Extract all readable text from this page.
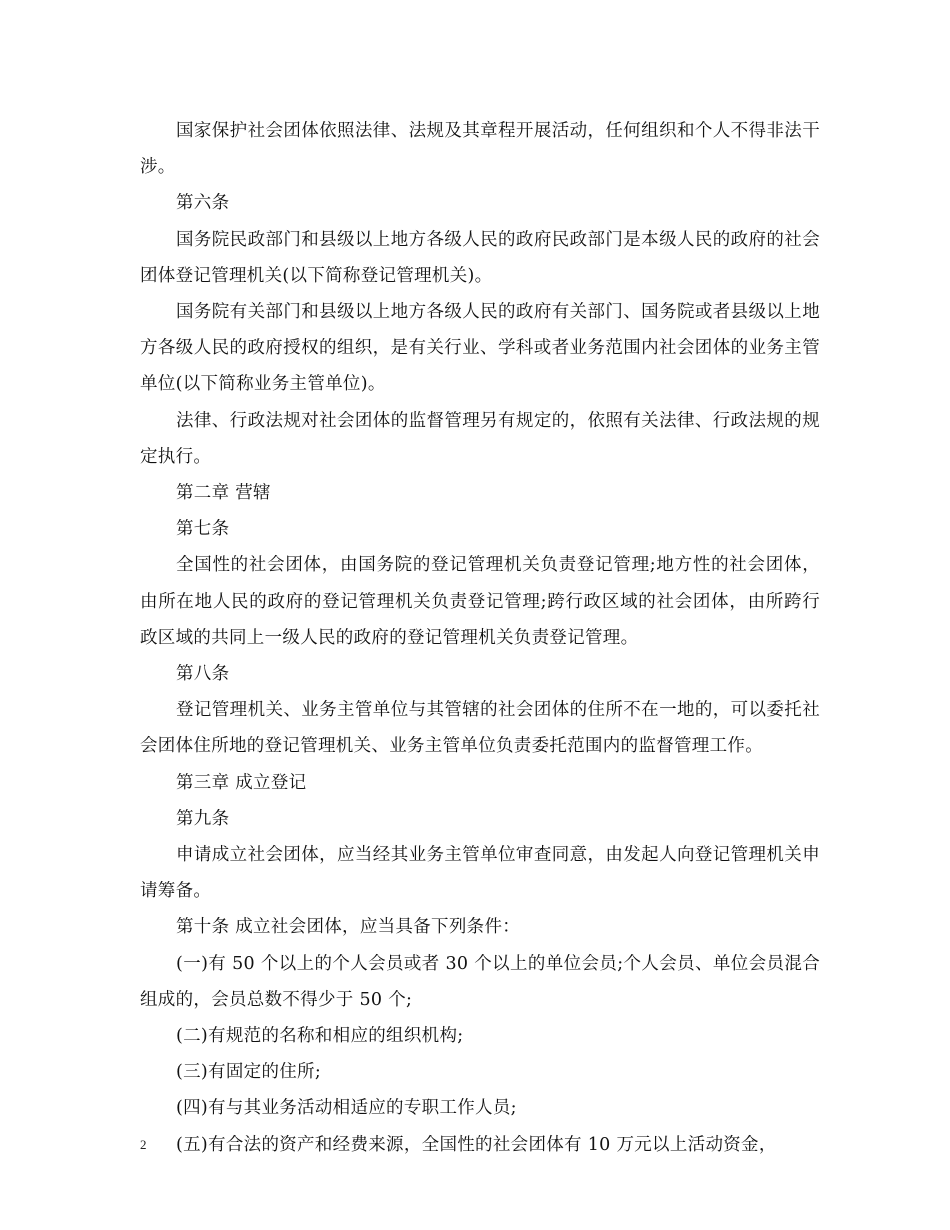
国家保护社会团体依照法律、法规及其章程开展活动，任何组织和个人不得非法干涉。

第六条

国务院民政部门和县级以上地方各级人民的政府民政部门是本级人民的政府的社会团体登记管理机关(以下简称登记管理机关)。

国务院有关部门和县级以上地方各级人民的政府有关部门、国务院或者县级以上地方各级人民的政府授权的组织，是有关行业、学科或者业务范围内社会团体的业务主管单位(以下简称业务主管单位)。

法律、行政法规对社会团体的监督管理另有规定的，依照有关法律、行政法规的规定执行。

第二章 营辖

第七条

全国性的社会团体，由国务院的登记管理机关负责登记管理;地方性的社会团体，由所在地人民的政府的登记管理机关负责登记管理;跨行政区域的社会团体，由所跨行政区域的共同上一级人民的政府的登记管理机关负责登记管理。

第八条

登记管理机关、业务主管单位与其管辖的社会团体的住所不在一地的，可以委托社会团体住所地的登记管理机关、业务主管单位负责委托范围内的监督管理工作。

第三章 成立登记

第九条

申请成立社会团体，应当经其业务主管单位审查同意，由发起人向登记管理机关申请筹备。

第十条 成立社会团体，应当具备下列条件：

(一)有 50 个以上的个人会员或者 30 个以上的单位会员;个人会员、单位会员混合组成的，会员总数不得少于 50 个;

(二)有规范的名称和相应的组织机构;

(三)有固定的住所;

(四)有与其业务活动相适应的专职工作人员;

(五)有合法的资产和经费来源，全国性的社会团体有 10 万元以上活动资金，

2
